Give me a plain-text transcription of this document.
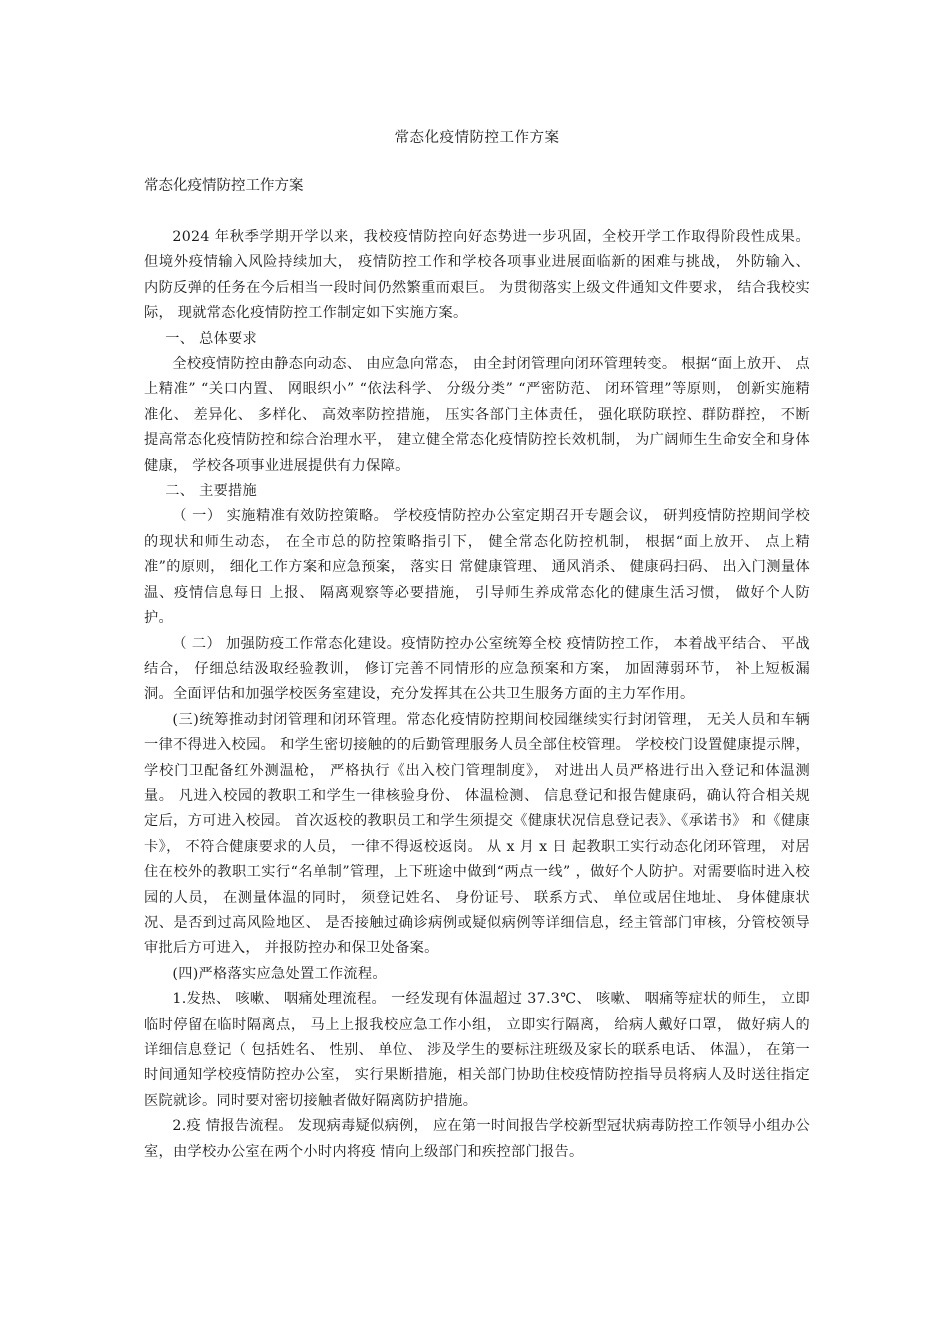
常态化疫情防控工作方案
常态化疫情防控工作方案

2024 年秋季学期开学以来，我校疫情防控向好态势进一步巩固，全校开学工作取得阶段性成果。 但境外疫情输入风险持续加大， 疫情防控工作和学校各项事业进展面临新的困难与挑战， 外防输入、 内防反弹的任务在今后相当一段时间仍然繁重而艰巨。 为贯彻落实上级文件通知文件要求， 结合我校实际， 现就常态化疫情防控工作制定如下实施方案。

一、 总体要求

全校疫情防控由静态向动态、 由应急向常态， 由全封闭管理向闭环管理转变。 根据“面上放开、 点上精准” “关口内置、 网眼织小” “依法科学、 分级分类” “严密防范、 闭环管理”等原则， 创新实施精准化、 差异化、 多样化、 高效率防控措施， 压实各部门主体责任， 强化联防联控、群防群控， 不断提高常态化疫情防控和综合治理水平， 建立健全常态化疫情防控长效机制， 为广阔师生生命安全和身体健康， 学校各项事业进展提供有力保障。

二、 主要措施

（ 一） 实施精准有效防控策略。 学校疫情防控办公室定期召开专题会议， 研判疫情防控期间学校的现状和师生动态， 在全市总的防控策略指引下， 健全常态化防控机制， 根据“面上放开、 点上精准”的原则， 细化工作方案和应急预案， 落实日 常健康管理、 通风消杀、 健康码扫码、 出入门测量体温、疫情信息每日 上报、 隔离观察等必要措施， 引导师生养成常态化的健康生活习惯， 做好个人防护。

（ 二） 加强防疫工作常态化建设。疫情防控办公室统筹全校 疫情防控工作， 本着战平结合、 平战结合， 仔细总结汲取经验教训， 修订完善不同情形的应急预案和方案， 加固薄弱环节， 补上短板漏洞。全面评估和加强学校医务室建设，充分发挥其在公共卫生服务方面的主力军作用。

(三)统筹推动封闭管理和闭环管理。常态化疫情防控期间校园继续实行封闭管理， 无关人员和车辆一律不得进入校园。 和学生密切接触的的后勤管理服务人员全部住校管理。 学校校门设置健康提示牌，学校门卫配备红外测温枪， 严格执行《出入校门管理制度》， 对进出人员严格进行出入登记和体温测量。 凡进入校园的教职工和学生一律核验身份、 体温检测、 信息登记和报告健康码，确认符合相关规定后，方可进入校园。 首次返校的教职员工和学生须提交《健康状况信息登记表》、《承诺书》 和《健康卡》， 不符合健康要求的人员， 一律不得返校返岗。 从 x 月 x 日 起教职工实行动态化闭环管理， 对居住在校外的教职工实行“名单制”管理，上下班途中做到“两点一线” ，做好个人防护。对需要临时进入校园的人员， 在测量体温的同时， 须登记姓名、 身份证号、 联系方式、 单位或居住地址、 身体健康状况、是否到过高风险地区、 是否接触过确诊病例或疑似病例等详细信息，经主管部门审核，分管校领导审批后方可进入， 并报防控办和保卫处备案。

(四)严格落实应急处置工作流程。

1.发热、 咳嗽、 咽痛处理流程。 一经发现有体温超过 37.3℃、 咳嗽、 咽痛等症状的师生， 立即临时停留在临时隔离点， 马上上报我校应急工作小组， 立即实行隔离， 给病人戴好口罩， 做好病人的详细信息登记（ 包括姓名、 性别、 单位、 涉及学生的要标注班级及家长的联系电话、 体温）， 在第一时间通知学校疫情防控办公室， 实行果断措施，相关部门协助住校疫情防控指导员将病人及时送往指定医院就诊。同时要对密切接触者做好隔离防护措施。

2.疫 情报告流程。 发现病毒疑似病例， 应在第一时间报告学校新型冠状病毒防控工作领导小组办公室，由学校办公室在两个小时内将疫 情向上级部门和疾控部门报告。
